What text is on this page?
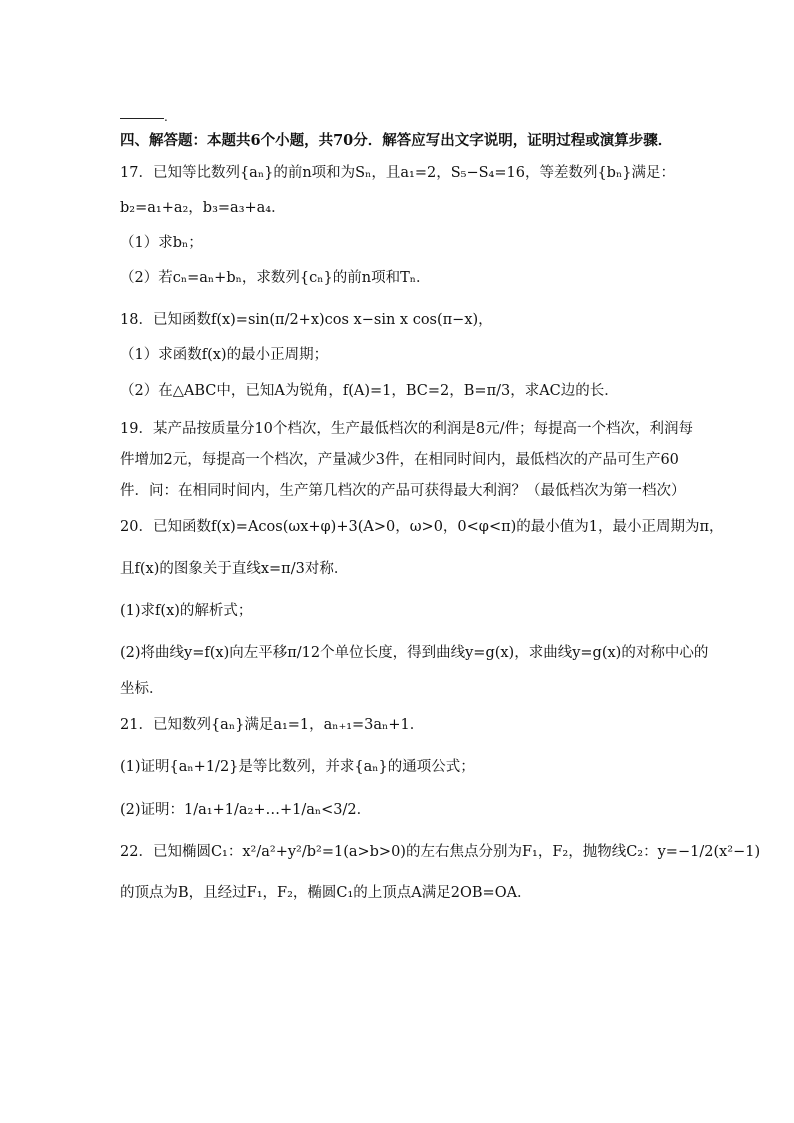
.
四、解答题：本题共6个小题，共70分．解答应写出文字说明，证明过程或演算步骤．
17．已知等比数列{aₙ}的前n项和为Sₙ，且a₁=2，S₅−S₄=16，等差数列{bₙ}满足：
b₂=a₁+a₂，b₃=a₃+a₄．
（1）求bₙ；
（2）若cₙ=aₙ+bₙ，求数列{cₙ}的前n项和Tₙ．
18．已知函数f(x)=sin(π/2+x)cos x−sin x cos(π−x)，
（1）求函数f(x)的最小正周期；
（2）在△ABC中，已知A为锐角，f(A)=1，BC=2，B=π/3，求AC边的长．
19．某产品按质量分10个档次，生产最低档次的利润是8元/件；每提高一个档次，利润每
件增加2元，每提高一个档次，产量减少3件，在相同时间内，最低档次的产品可生产60
件．问：在相同时间内，生产第几档次的产品可获得最大利润？（最低档次为第一档次）
20．已知函数f(x)=Acos(ωx+φ)+3(A>0，ω>0，0<φ<π)的最小值为1，最小正周期为π，
且f(x)的图象关于直线x=π/3对称．
(1)求f(x)的解析式；
(2)将曲线y=f(x)向左平移π/12个单位长度，得到曲线y=g(x)，求曲线y=g(x)的对称中心的
坐标．
21．已知数列{aₙ}满足a₁=1，aₙ₊₁=3aₙ+1．
(1)证明{aₙ+1/2}是等比数列，并求{aₙ}的通项公式；
(2)证明：1/a₁+1/a₂+…+1/aₙ<3/2．
22．已知椭圆C₁：x²/a²+y²/b²=1(a>b>0)的左右焦点分别为F₁，F₂，抛物线C₂：y=−1/2(x²−1)
的顶点为B，且经过F₁，F₂，椭圆C₁的上顶点A满足2OB=OA．
